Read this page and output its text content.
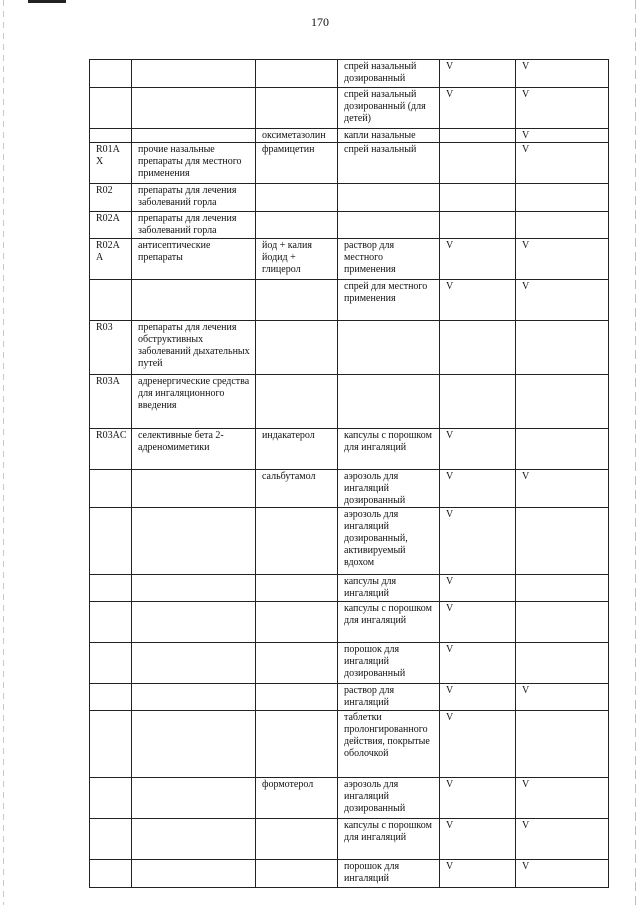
170
			спрей назальный дозированный	V	V
			спрей назальный дозированный (для детей)	V	V
		оксиметазолин	капли назальные		V
R01AX	прочие назальные препараты для местного применения	фрамицетин	спрей назальный		V
R02	препараты для лечения заболеваний горла				
R02A	препараты для лечения заболеваний горла				
R02AA	антисептические препараты	йод + калия йодид + глицерол	раствор для местного применения	V	V
			спрей для местного применения	V	V
R03	препараты для лечения обструктивных заболеваний дыхательных путей				
R03A	адренергические средства для ингаляционного введения				
R03AC	селективные бета 2-адреномиметики	индакатерол	капсулы с порошком для ингаляций	V	
		сальбутамол	аэрозоль для ингаляций дозированный	V	V
			аэрозоль для ингаляций дозированный, активируемый вдохом	V	
			капсулы для ингаляций	V	
			капсулы с порошком для ингаляций	V	
			порошок для ингаляций дозированный	V	
			раствор для ингаляций	V	V
			таблетки пролонгированного действия, покрытые оболочкой	V	
		формотерол	аэрозоль для ингаляций дозированный	V	V
			капсулы с порошком для ингаляций	V	V
			порошок для ингаляций	V	V
